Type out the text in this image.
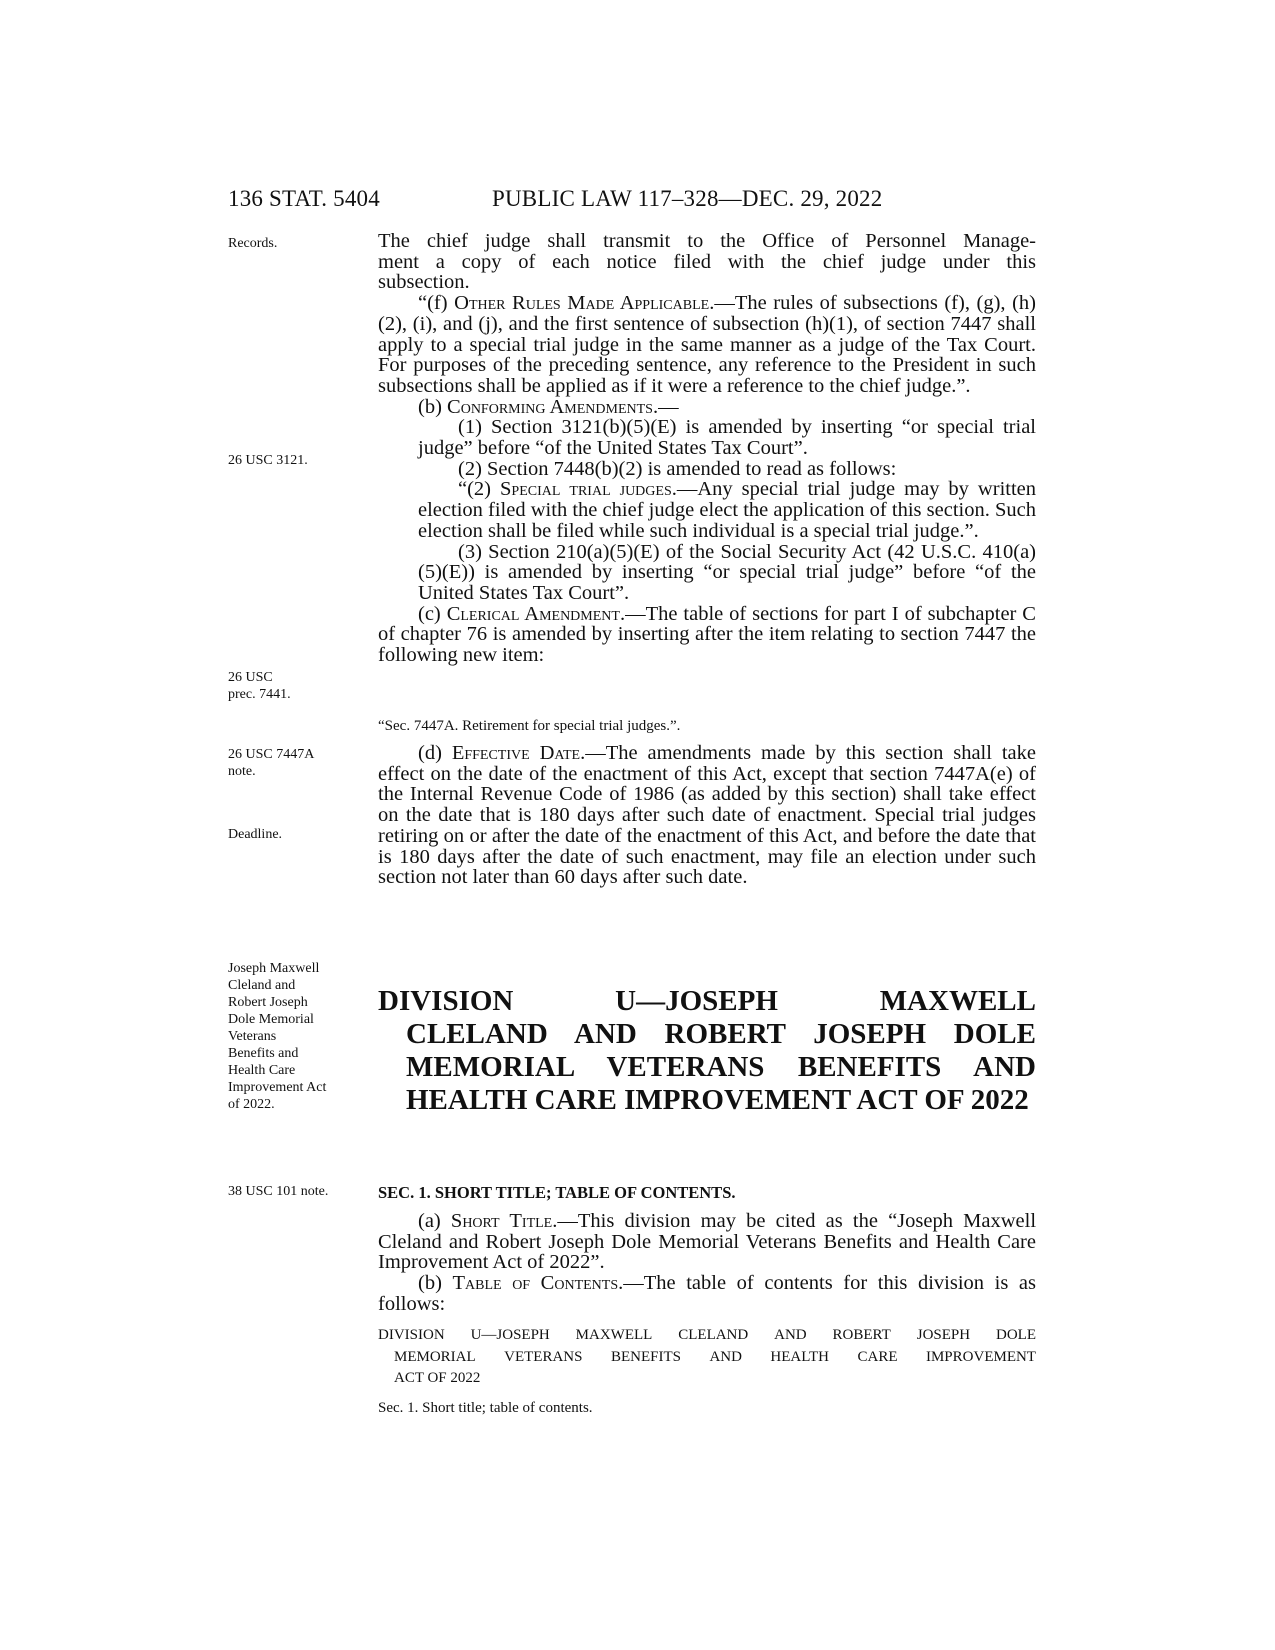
136 STAT. 5404	PUBLIC LAW 117–328—DEC. 29, 2022
Records.
26 USC 3121.
26 USC
prec. 7441.
26 USC 7447A
note.
Deadline.
Joseph Maxwell
Cleland and
Robert Joseph
Dole Memorial
Veterans
Benefits and
Health Care
Improvement Act
of 2022.
38 USC 101 note.

The chief judge shall transmit to the Office of Personnel Manage-

ment a copy of each notice filed with the chief judge under this

subsection.

“(f) Other Rules Made Applicable.—The rules of subsections (f), (g), (h)(2), (i), and (j), and the first sentence of subsection (h)(1), of section 7447 shall apply to a special trial judge in the same manner as a judge of the Tax Court. For purposes of the preceding sentence, any reference to the President in such subsections shall be applied as if it were a reference to the chief judge.”.

(b) Conforming Amendments.—

(1) Section 3121(b)(5)(E) is amended by inserting “or special trial judge” before “of the United States Tax Court”.

(2) Section 7448(b)(2) is amended to read as follows:

“(2) Special trial judges.—Any special trial judge may by written election filed with the chief judge elect the application of this section. Such election shall be filed while such individual is a special trial judge.”.

(3) Section 210(a)(5)(E) of the Social Security Act (42 U.S.C. 410(a)(5)(E)) is amended by inserting “or special trial judge” before “of the United States Tax Court”.

(c) Clerical Amendment.—The table of sections for part I of subchapter C of chapter 76 is amended by inserting after the item relating to section 7447 the following new item:

“Sec. 7447A. Retirement for special trial judges.”.

(d) Effective Date.—The amendments made by this section shall take effect on the date of the enactment of this Act, except that section 7447A(e) of the Internal Revenue Code of 1986 (as added by this section) shall take effect on the date that is 180 days after such date of enactment. Special trial judges retiring on or after the date of the enactment of this Act, and before the date that is 180 days after the date of such enactment, may file an election under such section not later than 60 days after such date.

DIVISION	U—JOSEPH	MAXWELL
CLELAND AND ROBERT JOSEPH DOLE MEMORIAL VETERANS BENEFITS AND HEALTH CARE IMPROVEMENT ACT OF 2022
SEC. 1. SHORT TITLE; TABLE OF CONTENTS.

(a) Short Title.—This division may be cited as the “Joseph Maxwell Cleland and Robert Joseph Dole Memorial Veterans Benefits and Health Care Improvement Act of 2022”.

(b) Table of Contents.—The table of contents for this division is as follows:

DIVISION U—JOSEPH MAXWELL CLELAND AND ROBERT JOSEPH DOLE
MEMORIAL VETERANS BENEFITS AND HEALTH CARE IMPROVEMENT
ACT OF 2022
Sec. 1. Short title; table of contents.
